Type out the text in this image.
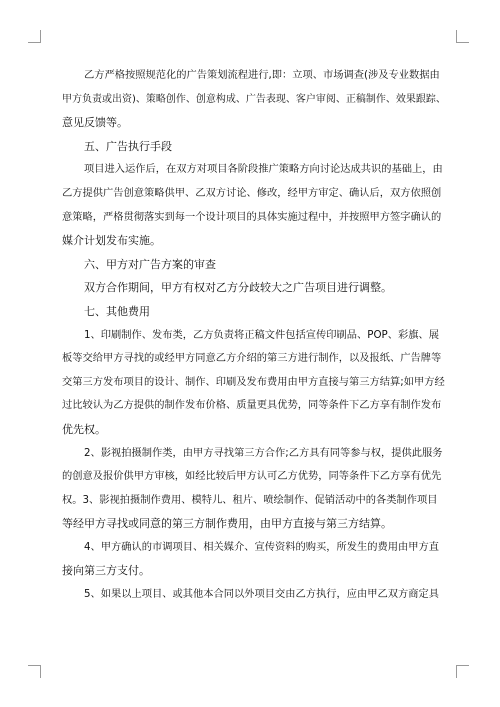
乙方严格按照规范化的广告策划流程进行,即：立项、市场调查(涉及专业数据由

甲方负责或出资)、策略创作、创意构成、广告表现、客户审阅、正稿制作、效果跟踪、

意见反馈等。

五、广告执行手段

项目进入运作后，在双方对项目各阶段推广策略方向讨论达成共识的基础上，由

乙方提供广告创意策略供甲、乙双方讨论、修改，经甲方审定、确认后，双方依照创

意策略，严格贯彻落实到每一个设计项目的具体实施过程中，并按照甲方签字确认的

媒介计划发布实施。

六、甲方对广告方案的审查

双方合作期间，甲方有权对乙方分歧较大之广告项目进行调整。

七、其他费用

1、印刷制作、发布类，乙方负责将正稿文件包括宣传印刷品、POP、彩旗、展

板等交给甲方寻找的或经甲方同意乙方介绍的第三方进行制作，以及报纸、广告牌等

交第三方发布项目的设计、制作、印刷及发布费用由甲方直接与第三方结算;如甲方经

过比较认为乙方提供的制作发布价格、质量更具优势，同等条件下乙方享有制作发布

优先权。

2、影视拍摄制作类，由甲方寻找第三方合作;乙方具有同等参与权，提供此服务

的创意及报价供甲方审核，如经比较后甲方认可乙方优势，同等条件下乙方享有优先

权。3、影视拍摄制作费用、模特儿、租片、喷绘制作、促销活动中的各类制作项目

等经甲方寻找或同意的第三方制作费用，由甲方直接与第三方结算。

4、甲方确认的市调项目、相关媒介、宣传资料的购买，所发生的费用由甲方直

接向第三方支付。

5、如果以上项目、或其他本合同以外项目交由乙方执行，应由甲乙双方商定具
